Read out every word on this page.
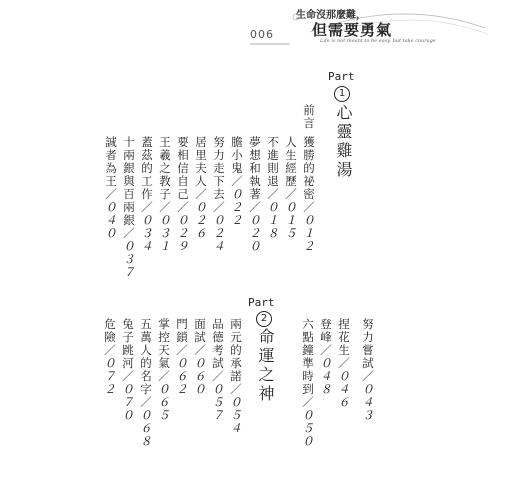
生命沒那麼難，
但需要勇氣
Life is not meant to be easy, but take courage
006
Part
1
心靈雞湯
前言
獲勝的祕密／０１２
人生經歷／０１５
不進則退／０１８
夢想和執著／０２０
膽小鬼／０２２
努力走下去／０２４
居里夫人／０２６
要相信自己／０２９
王羲之教子／０３１
蓋茲的工作／０３４
十兩銀與百兩銀／０３７
誠者為王／０４０
Part
2
命運之神	努力嘗試／０４３
捏花生／０４６
登峰／０４８
六點鐘準時到／０５０
兩元的承諾／０５４
品德考試／０５７
面試／０６０
門鎖／０６２
掌控天氣／０６５
五萬人的名字／０６８
兔子跳河／０７０
危險／０７２
